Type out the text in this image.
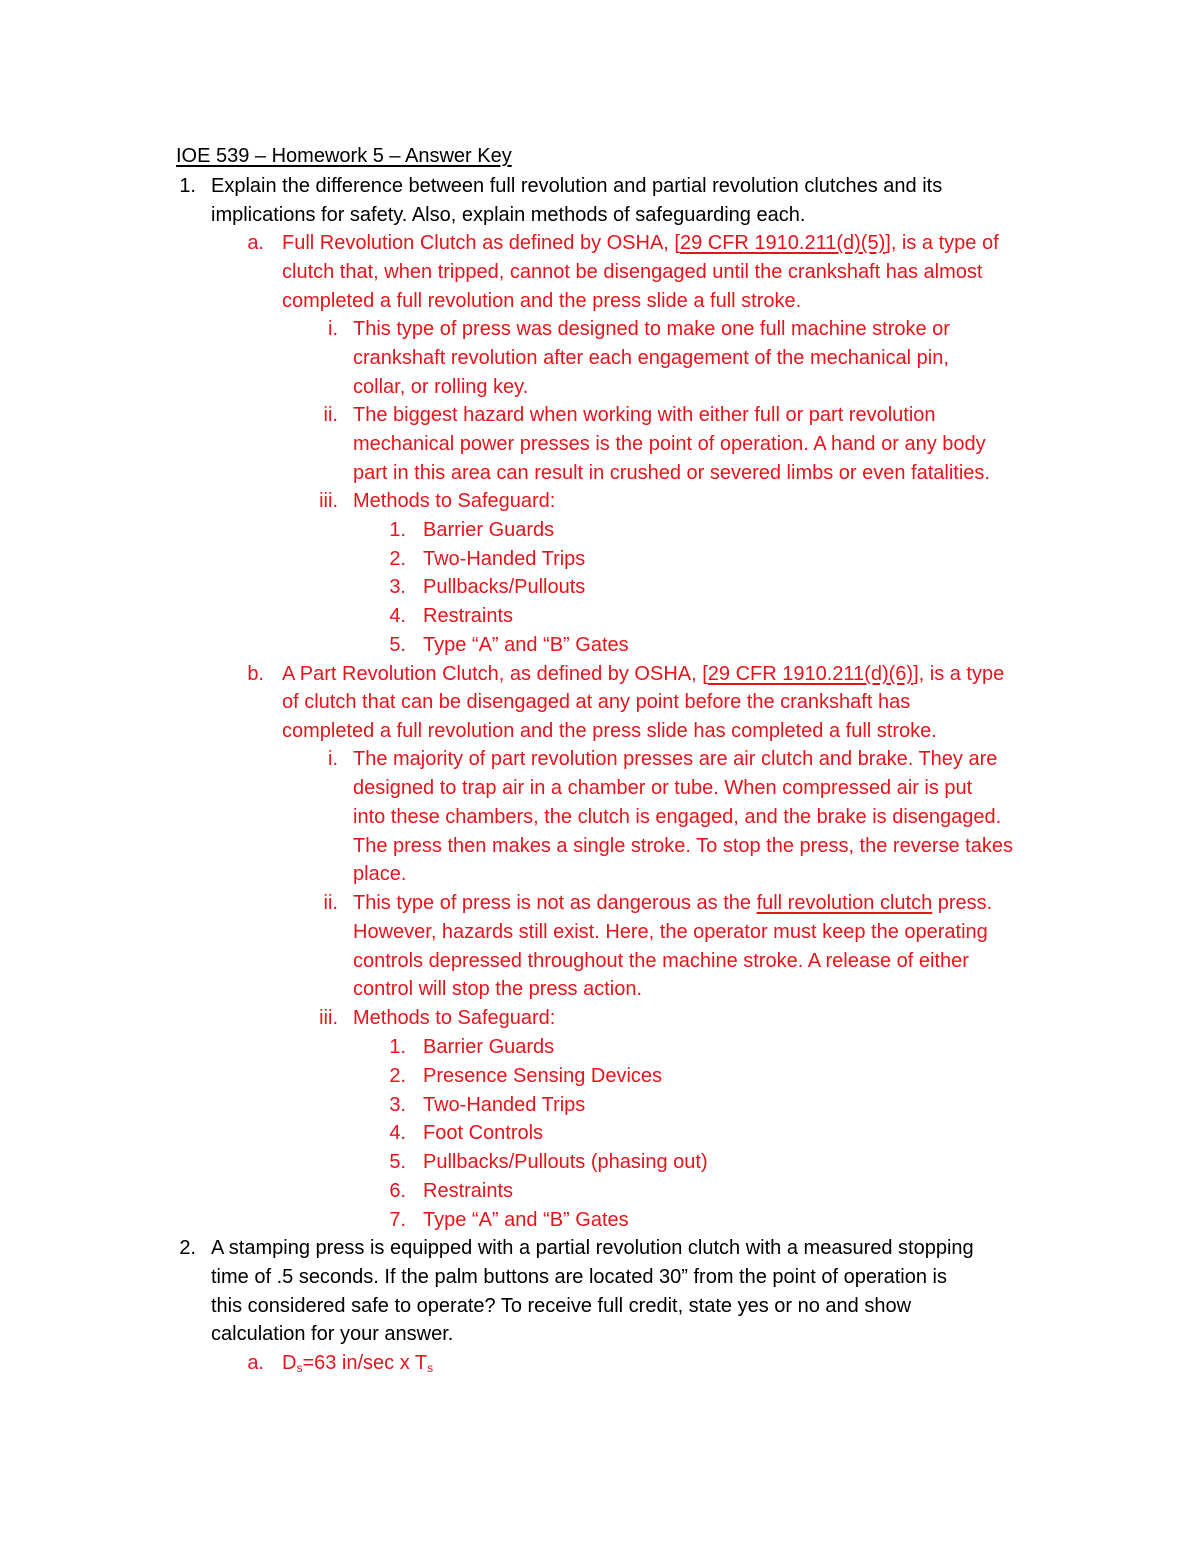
IOE 539 – Homework 5 – Answer Key
1. Explain the difference between full revolution and partial revolution clutches and its
implications for safety. Also, explain methods of safeguarding each.
a. Full Revolution Clutch as defined by OSHA, [29 CFR 1910.211(d)(5)], is a type of
clutch that, when tripped, cannot be disengaged until the crankshaft has almost
completed a full revolution and the press slide a full stroke.
i. This type of press was designed to make one full machine stroke or
crankshaft revolution after each engagement of the mechanical pin,
collar, or rolling key.
ii. The biggest hazard when working with either full or part revolution
mechanical power presses is the point of operation. A hand or any body
part in this area can result in crushed or severed limbs or even fatalities.
iii. Methods to Safeguard:
1. Barrier Guards
2. Two-Handed Trips
3. Pullbacks/Pullouts
4. Restraints
5. Type “A” and “B” Gates
b. A Part Revolution Clutch, as defined by OSHA, [29 CFR 1910.211(d)(6)], is a type
of clutch that can be disengaged at any point before the crankshaft has
completed a full revolution and the press slide has completed a full stroke.
i. The majority of part revolution presses are air clutch and brake. They are
designed to trap air in a chamber or tube. When compressed air is put
into these chambers, the clutch is engaged, and the brake is disengaged.
The press then makes a single stroke. To stop the press, the reverse takes
place.
ii. This type of press is not as dangerous as the full revolution clutch press.
However, hazards still exist. Here, the operator must keep the operating
controls depressed throughout the machine stroke. A release of either
control will stop the press action.
iii. Methods to Safeguard:
1. Barrier Guards
2. Presence Sensing Devices
3. Two-Handed Trips
4. Foot Controls
5. Pullbacks/Pullouts (phasing out)
6. Restraints
7. Type “A” and “B” Gates
2. A stamping press is equipped with a partial revolution clutch with a measured stopping
time of .5 seconds. If the palm buttons are located 30” from the point of operation is
this considered safe to operate? To receive full credit, state yes or no and show
calculation for your answer.
a. $D_s=63$ in/sec x $T_s$
